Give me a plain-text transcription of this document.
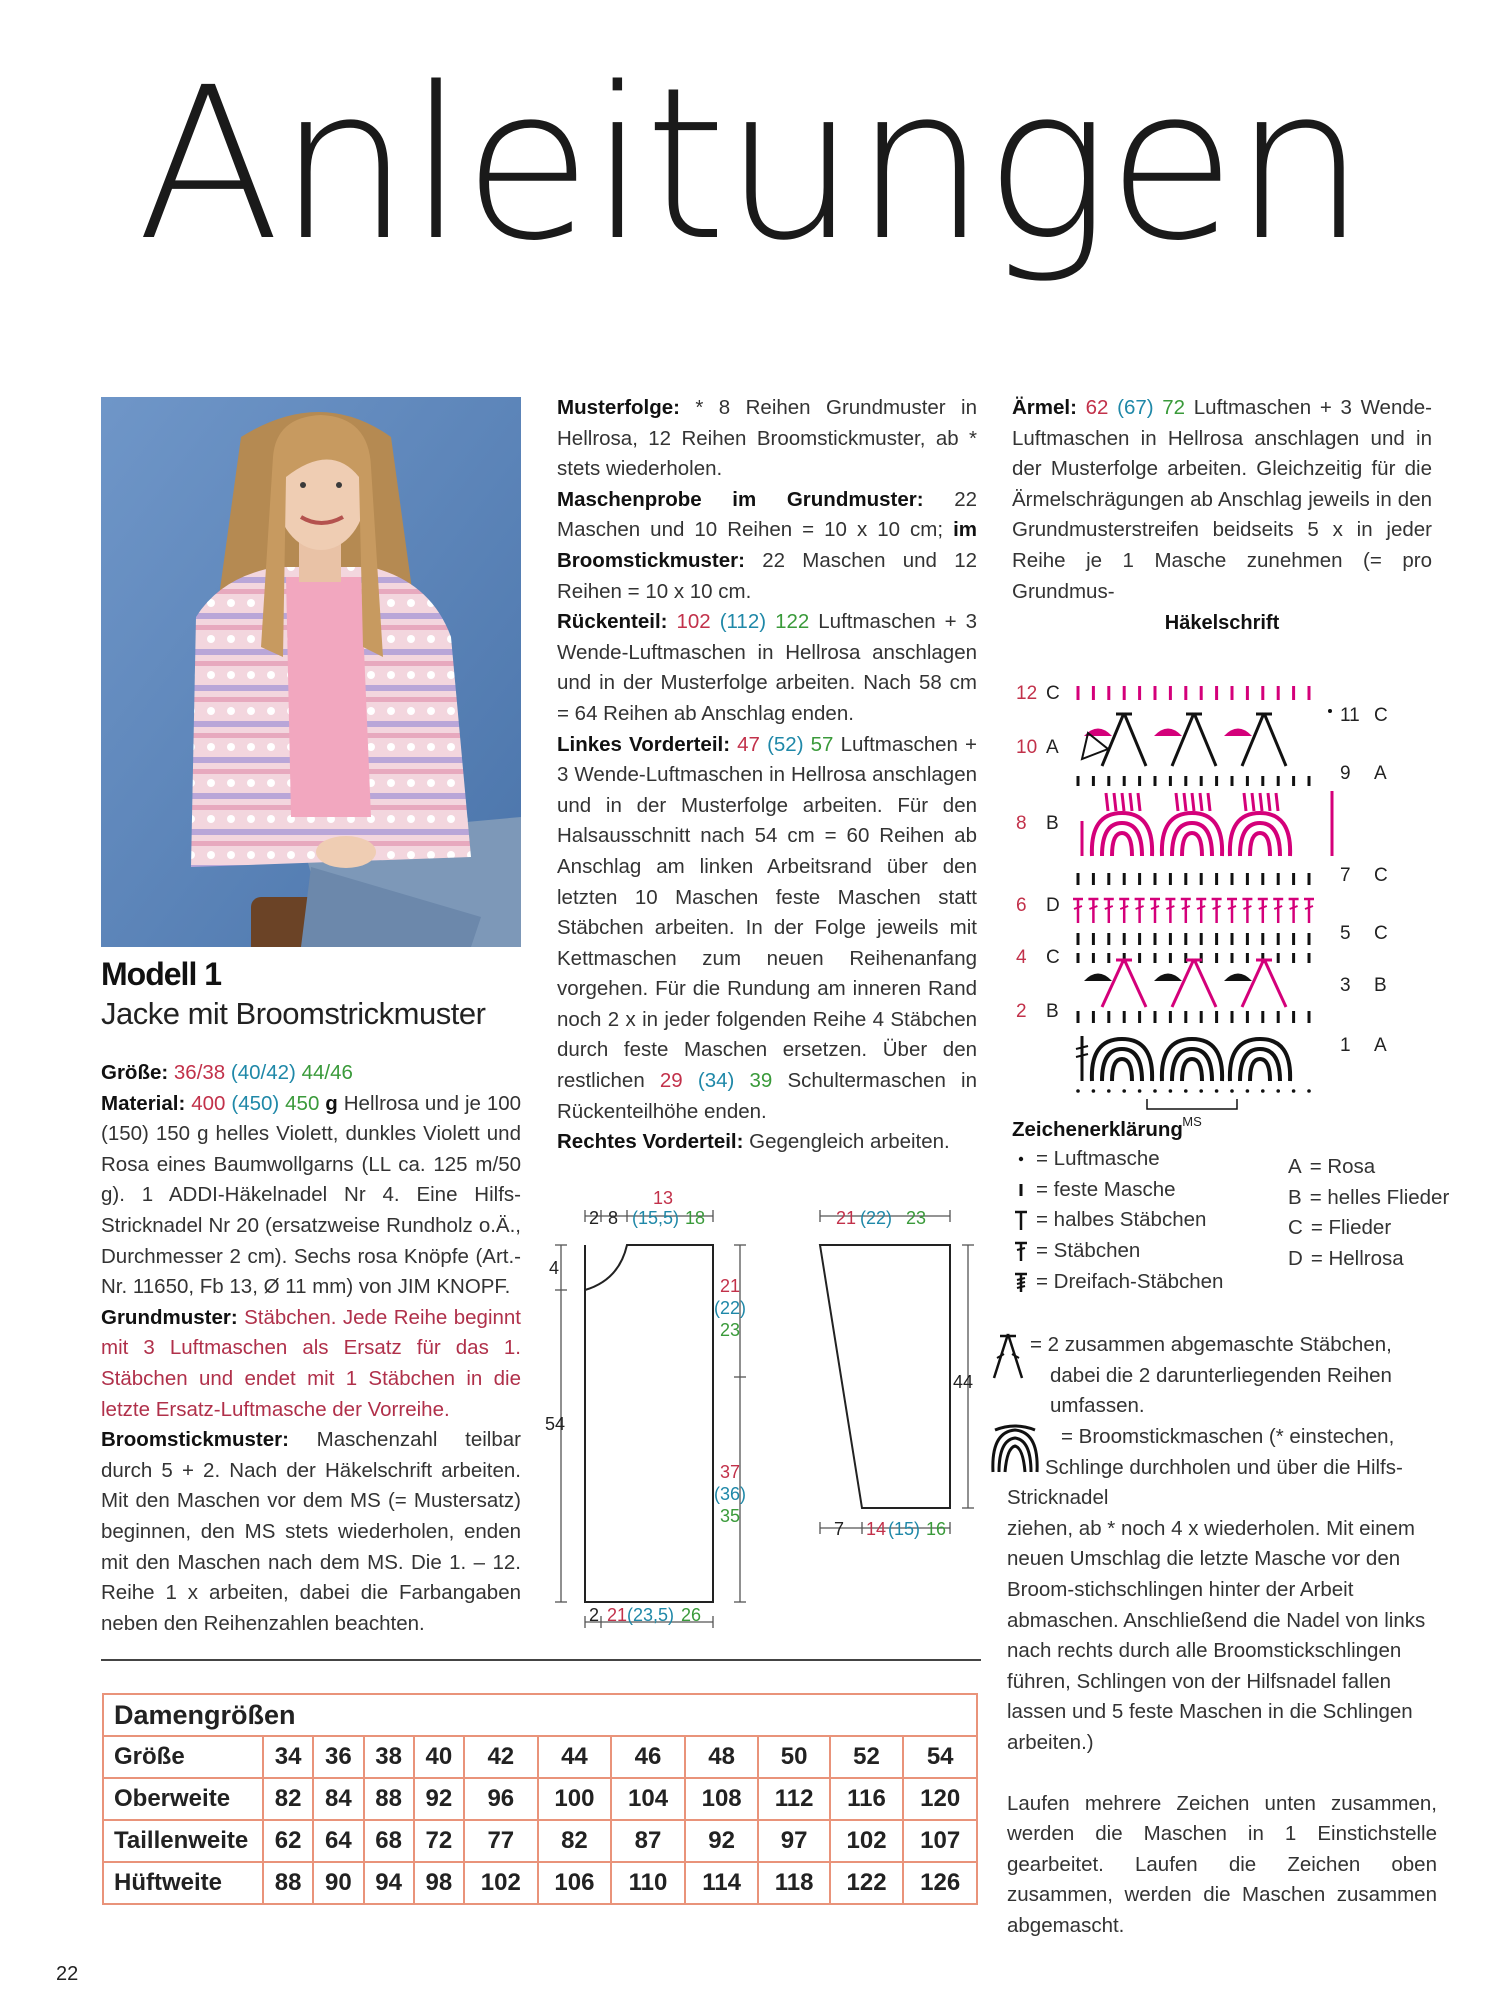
Anleitungen
Modell 1
Jacke mit Broomstrickmuster

Größe: 36/38 (40/42) 44/46

Material: 400 (450) 450 g Hellrosa und je 100 (150) 150 g helles Violett, dunkles Violett und Rosa eines Baumwollgarns (LL ca. 125 m/50 g). 1 ADDI-Häkelnadel Nr 4. Eine Hilfs-Stricknadel Nr 20 (ersatzweise Rundholz o.Ä., Durchmesser 2 cm). Sechs rosa Knöpfe (Art.-Nr. 11650, Fb 13, Ø 11 mm) von JIM KNOPF.

Grundmuster: Stäbchen. Jede Reihe beginnt mit 3 Luftmaschen als Ersatz für das 1. Stäbchen und endet mit 1 Stäbchen in die letzte Ersatz-Luftmasche der Vorreihe.

Broomstickmuster: Maschenzahl teilbar durch 5 + 2. Nach der Häkelschrift arbeiten. Mit den Maschen vor dem MS (= Mustersatz) beginnen, den MS stets wiederholen, enden mit den Maschen nach dem MS. Die 1. – 12. Reihe 1 x arbeiten, dabei die Farbangaben neben den Reihenzahlen beachten.

Musterfolge: * 8 Reihen Grundmuster in Hellrosa, 12 Reihen Broomstickmuster, ab * stets wiederholen.

Maschenprobe im Grundmuster: 22 Maschen und 10 Reihen = 10 x 10 cm; im Broomstickmuster: 22 Maschen und 12 Reihen = 10 x 10 cm.

Rückenteil: 102 (112) 122 Luftmaschen + 3 Wende-Luftmaschen in Hellrosa anschlagen und in der Musterfolge arbeiten. Nach 58 cm = 64 Reihen ab Anschlag enden.

Linkes Vorderteil: 47 (52) 57 Luftmaschen + 3 Wende-Luftmaschen in Hellrosa anschlagen und in der Musterfolge arbeiten. Für den Halsausschnitt nach 54 cm = 60 Reihen ab Anschlag am linken Arbeitsrand über den letzten 10 Maschen feste Maschen statt Stäbchen arbeiten. In der Folge jeweils mit Kettmaschen zum neuen Reihenanfang vorgehen. Für die Rundung am inneren Rand noch 2 x in jeder folgenden Reihe 4 Stäbchen durch feste Maschen ersetzen. Über den restlichen 29 (34) 39 Schultermaschen in Rückenteilhöhe enden.

Rechtes Vorderteil: Gegengleich arbeiten.

Ärmel: 62 (67) 72 Luftmaschen + 3 Wende-Luftmaschen in Hellrosa anschlagen und in der Musterfolge arbeiten. Gleichzeitig für die Ärmelschrägungen ab Anschlag jeweils in den Grundmusterstreifen beidseits 5 x in jeder Reihe je 1 Masche zunehmen (= pro Grundmus-

Häkelschrift
12 C
10 A
8 B
6 D
4 C
2 B
11 C
9 A
7 C
5 C
3 B
1 A
MS
Zeichenerklärung
= Luftmasche
= feste Masche
= halbes Stäbchen
= Stäbchen
= Dreifach-Stäbchen
A = Rosa
B = helles Flieder
C = Flieder
D = Hellrosa
= 2 zusammen abgemaschte Stäbchen,
dabei die 2 darunterliegenden Reihen
umfassen.
= Broomstickmaschen (* einstechen,
Schlinge durchholen und über die Hilfs-
Stricknadel

ziehen, ab * noch 4 x wiederholen. Mit einem neuen Umschlag die letzte Masche vor den Broom-stichschlingen hinter der Arbeit abmaschen. Anschließend die Nadel von links nach rechts durch alle Broomstickschlingen führen, Schlingen von der Hilfsnadel fallen lassen und 5 feste Maschen in die Schlingen arbeiten.)

Laufen mehrere Zeichen unten zusammen, werden die Maschen in 1 Einstichstelle gearbeitet. Laufen die Zeichen oben zusammen, werden die Maschen zusammen abgemascht.

2 8
13
(15,5) 18
4
54
21
(22)
23
37
(36)
35
2 21 (23,5) 26
21 (22) 23
44
7 14 (15) 16
Damengrößen											
Größe	34	36	38	40	42	44	46	48	50	52	54
Oberweite	82	84	88	92	96	100	104	108	112	116	120
Taillenweite	62	64	68	72	77	82	87	92	97	102	107
Hüftweite	88	90	94	98	102	106	110	114	118	122	126
22
